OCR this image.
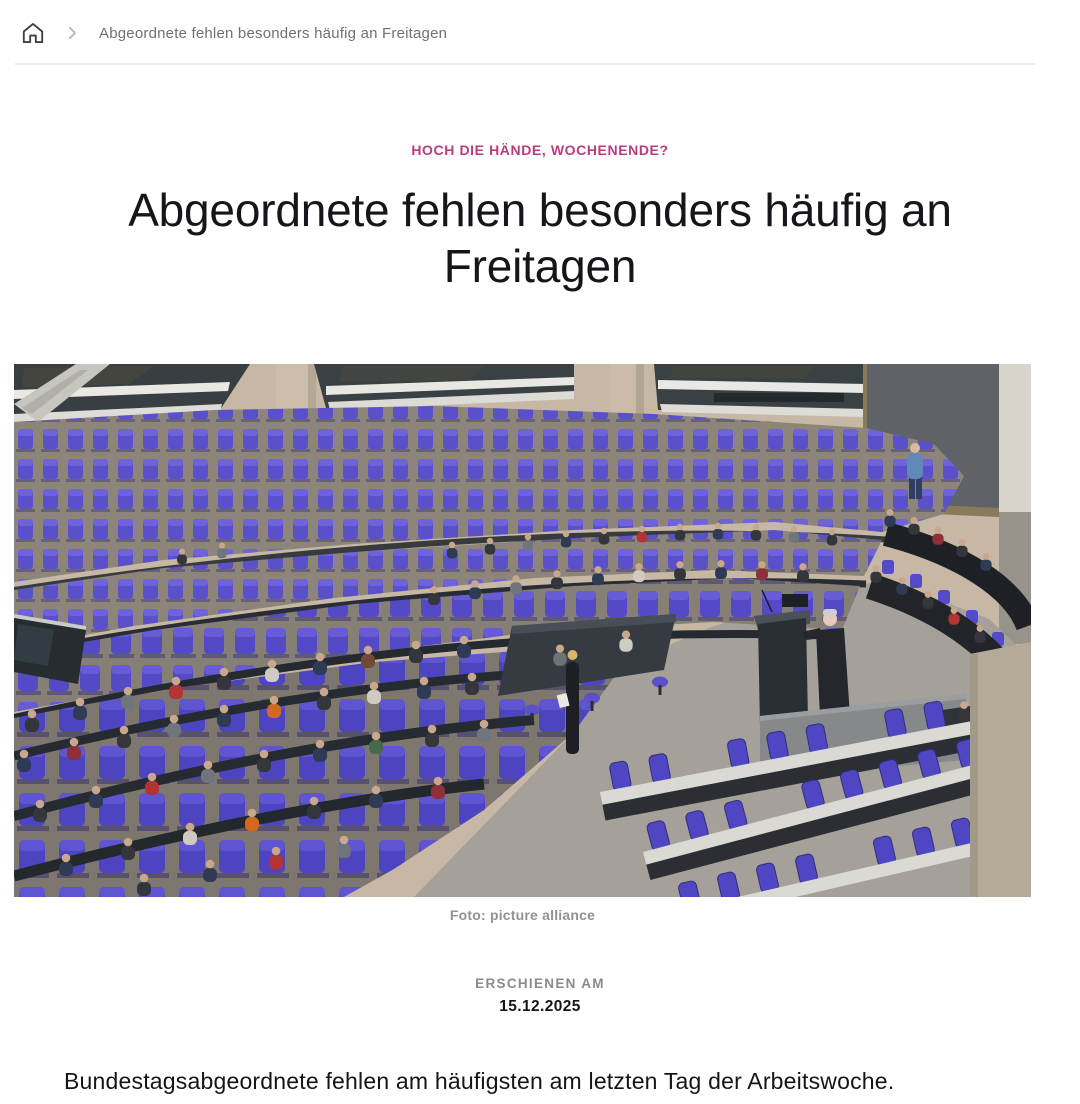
Abgeordnete fehlen besonders häufig an Freitagen
HOCH DIE HÄNDE, WOCHENENDE?
Abgeordnete fehlen besonders häufig an Freitagen
Foto: picture alliance
ERSCHIENEN AM
15.12.2025

Bundestagsabgeordnete fehlen am häufigsten am letzten Tag der Arbeitswoche.
